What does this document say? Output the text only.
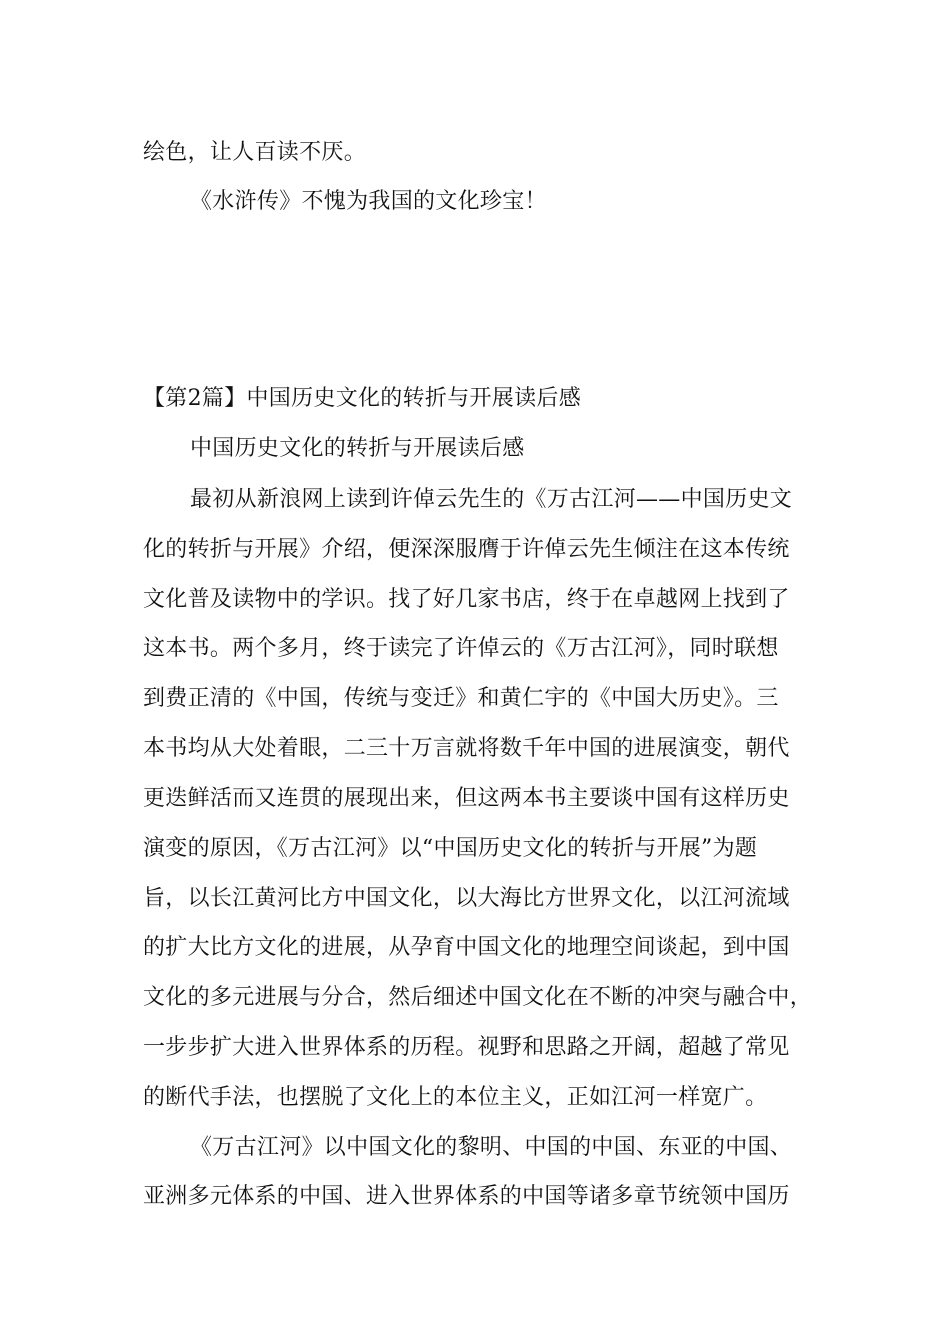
绘色，让人百读不厌。
《水浒传》不愧为我国的文化珍宝！
【第2篇】中国历史文化的转折与开展读后感
中国历史文化的转折与开展读后感
最初从新浪网上读到许倬云先生的《万古江河——中国历史文
化的转折与开展》介绍，便深深服膺于许倬云先生倾注在这本传统
文化普及读物中的学识。找了好几家书店，终于在卓越网上找到了
这本书。两个多月，终于读完了许倬云的《万古江河》，同时联想
到费正清的《中国，传统与变迁》和黄仁宇的《中国大历史》。三
本书均从大处着眼，二三十万言就将数千年中国的进展演变，朝代
更迭鲜活而又连贯的展现出来，但这两本书主要谈中国有这样历史
演变的原因，《万古江河》以“中国历史文化的转折与开展”为题
旨，以长江黄河比方中国文化，以大海比方世界文化，以江河流域
的扩大比方文化的进展，从孕育中国文化的地理空间谈起，到中国
文化的多元进展与分合，然后细述中国文化在不断的冲突与融合中，
一步步扩大进入世界体系的历程。视野和思路之开阔，超越了常见
的断代手法，也摆脱了文化上的本位主义，正如江河一样宽广。
《万古江河》以中国文化的黎明、中国的中国、东亚的中国、
亚洲多元体系的中国、进入世界体系的中国等诸多章节统领中国历
